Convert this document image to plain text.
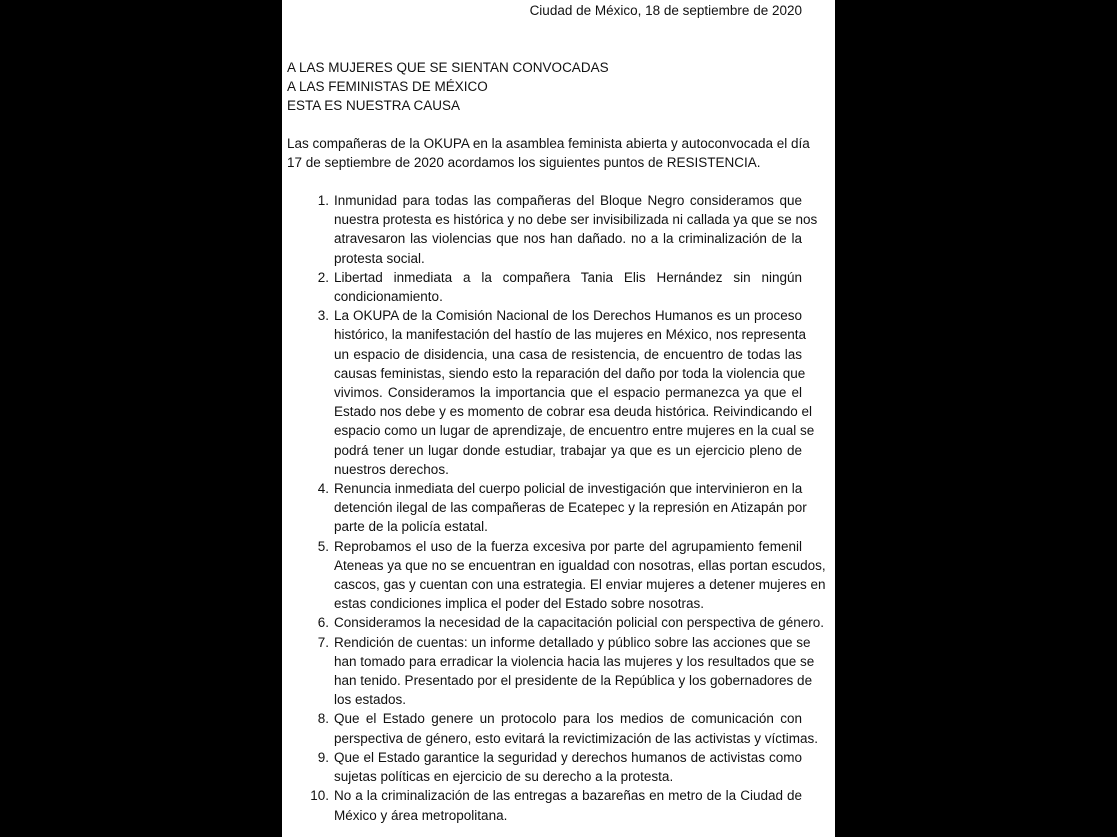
Ciudad de México, 18 de septiembre de 2020
A LAS MUJERES QUE SE SIENTAN CONVOCADAS
A LAS FEMINISTAS DE MÉXICO
ESTA ES NUESTRA CAUSA
Las compañeras de la OKUPA en la asamblea feminista abierta y autoconvocada el día
17 de septiembre de 2020 acordamos los siguientes puntos de RESISTENCIA.
1. Inmunidad para todas las compañeras del Bloque Negro consideramos que
nuestra protesta es histórica y no debe ser invisibilizada ni callada ya que se nos
atravesaron las violencias que nos han dañado. no a la criminalización de la
protesta social.
2. Libertad inmediata a la compañera Tania Elis Hernández sin ningún
condicionamiento.
3. La OKUPA de la Comisión Nacional de los Derechos Humanos es un proceso
histórico, la manifestación del hastío de las mujeres en México, nos representa
un espacio de disidencia, una casa de resistencia, de encuentro de todas las
causas feministas, siendo esto la reparación del daño por toda la violencia que
vivimos. Consideramos la importancia que el espacio permanezca ya que el
Estado nos debe y es momento de cobrar esa deuda histórica. Reivindicando el
espacio como un lugar de aprendizaje, de encuentro entre mujeres en la cual se
podrá tener un lugar donde estudiar, trabajar ya que es un ejercicio pleno de
nuestros derechos.
4. Renuncia inmediata del cuerpo policial de investigación que intervinieron en la
detención ilegal de las compañeras de Ecatepec y la represión en Atizapán por
parte de la policía estatal.
5. Reprobamos el uso de la fuerza excesiva por parte del agrupamiento femenil
Ateneas ya que no se encuentran en igualdad con nosotras, ellas portan escudos,
cascos, gas y cuentan con una estrategia. El enviar mujeres a detener mujeres en
estas condiciones implica el poder del Estado sobre nosotras.
6. Consideramos la necesidad de la capacitación policial con perspectiva de género.
7. Rendición de cuentas: un informe detallado y público sobre las acciones que se
han tomado para erradicar la violencia hacia las mujeres y los resultados que se
han tenido. Presentado por el presidente de la República y los gobernadores de
los estados.
8. Que el Estado genere un protocolo para los medios de comunicación con
perspectiva de género, esto evitará la revictimización de las activistas y víctimas.
9. Que el Estado garantice la seguridad y derechos humanos de activistas como
sujetas políticas en ejercicio de su derecho a la protesta.
10. No a la criminalización de las entregas a bazareñas en metro de la Ciudad de
México y área metropolitana.
